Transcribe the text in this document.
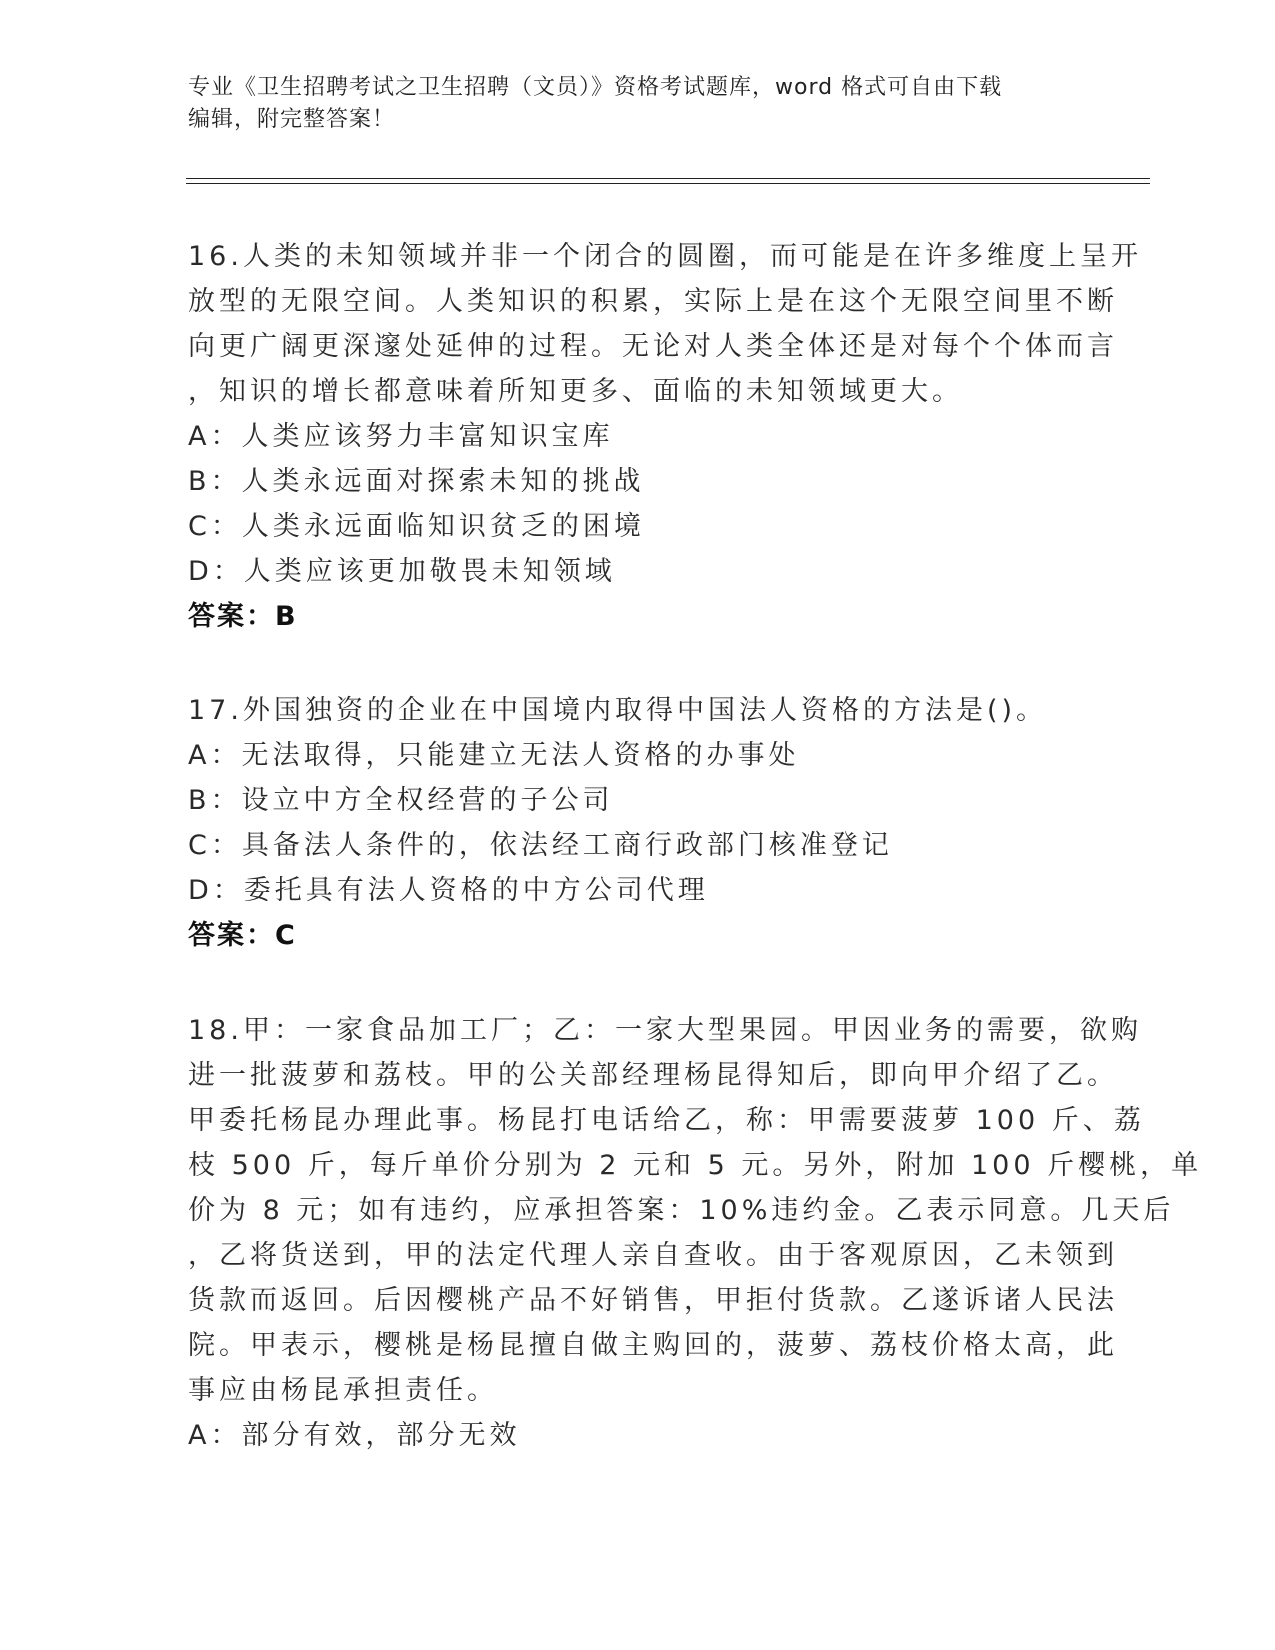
专业《卫生招聘考试之卫生招聘（文员）》资格考试题库，word 格式可自由下载
编辑，附完整答案！
16.人类的未知领域并非一个闭合的圆圈，而可能是在许多维度上呈开
放型的无限空间。人类知识的积累，实际上是在这个无限空间里不断
向更广阔更深邃处延伸的过程。无论对人类全体还是对每个个体而言
，知识的增长都意味着所知更多、面临的未知领域更大。
A：人类应该努力丰富知识宝库
B：人类永远面对探索未知的挑战
C：人类永远面临知识贫乏的困境
D：人类应该更加敬畏未知领域
答案：B
17.外国独资的企业在中国境内取得中国法人资格的方法是()。
A：无法取得，只能建立无法人资格的办事处
B：设立中方全权经营的子公司
C：具备法人条件的，依法经工商行政部门核准登记
D：委托具有法人资格的中方公司代理
答案：C
18.甲：一家食品加工厂；乙：一家大型果园。甲因业务的需要，欲购
进一批菠萝和荔枝。甲的公关部经理杨昆得知后，即向甲介绍了乙。
甲委托杨昆办理此事。杨昆打电话给乙，称：甲需要菠萝 100 斤、荔
枝 500 斤，每斤单价分别为 2 元和 5 元。另外，附加 100 斤樱桃，单
价为 8 元；如有违约，应承担答案：10%违约金。乙表示同意。几天后
，乙将货送到，甲的法定代理人亲自查收。由于客观原因，乙未领到
货款而返回。后因樱桃产品不好销售，甲拒付货款。乙遂诉诸人民法
院。甲表示，樱桃是杨昆擅自做主购回的，菠萝、荔枝价格太高，此
事应由杨昆承担责任。
A：部分有效，部分无效
